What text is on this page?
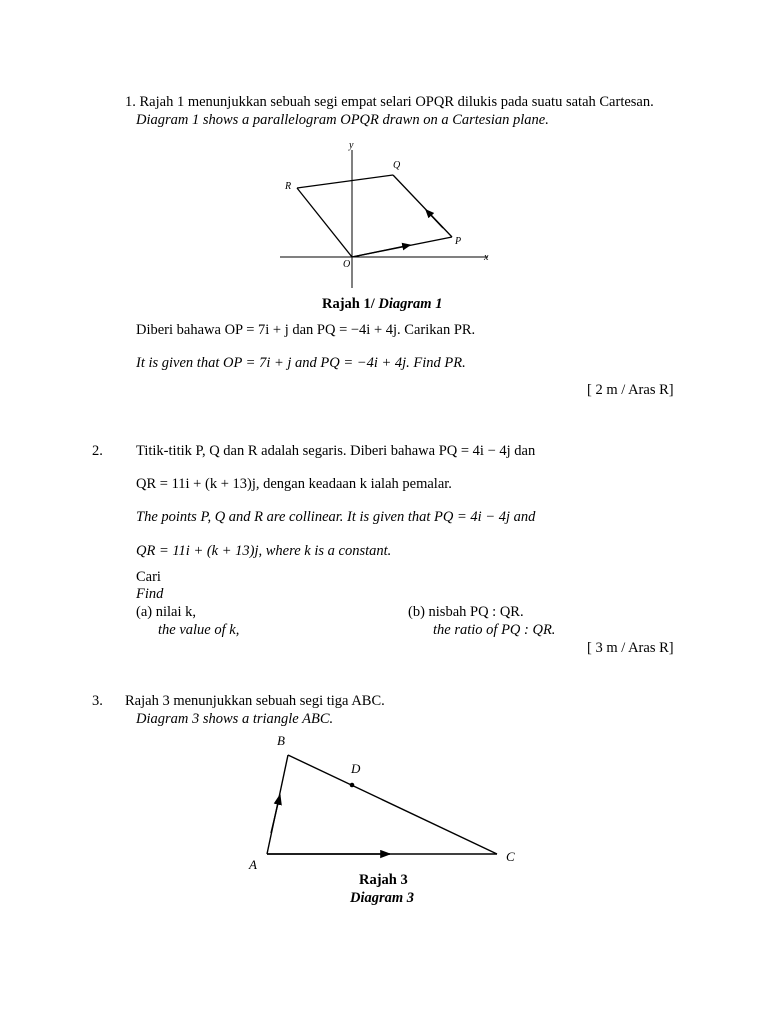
1. Rajah 1 menunjukkan sebuah segi empat selari OPQR dilukis pada suatu satah Cartesan.
Diagram 1 shows a parallelogram OPQR drawn on a Cartesian plane.
y
x
O
P
Q
R
Rajah 1/ Diagram 1
Diberi bahawa OP = 7i + j dan PQ = −4i + 4j. Carikan PR.
It is given that OP = 7i + j and PQ = −4i + 4j. Find PR.
[ 2 m / Aras R]
2. Titik-titik P, Q dan R adalah segaris. Diberi bahawa PQ = 4i − 4j dan
QR = 11i + (k + 13)j, dengan keadaan k ialah pemalar.
The points P, Q and R are collinear. It is given that PQ = 4i − 4j and
QR = 11i + (k + 13)j, where k is a constant.
Cari
Find
(a) nilai k,
the value of k,
(b) nisbah PQ : QR.
the ratio of PQ : QR.
[ 3 m / Aras R]
3. Rajah 3 menunjukkan sebuah segi tiga ABC.
Diagram 3 shows a triangle ABC.
B
D
A
C
Rajah 3
Diagram 3
